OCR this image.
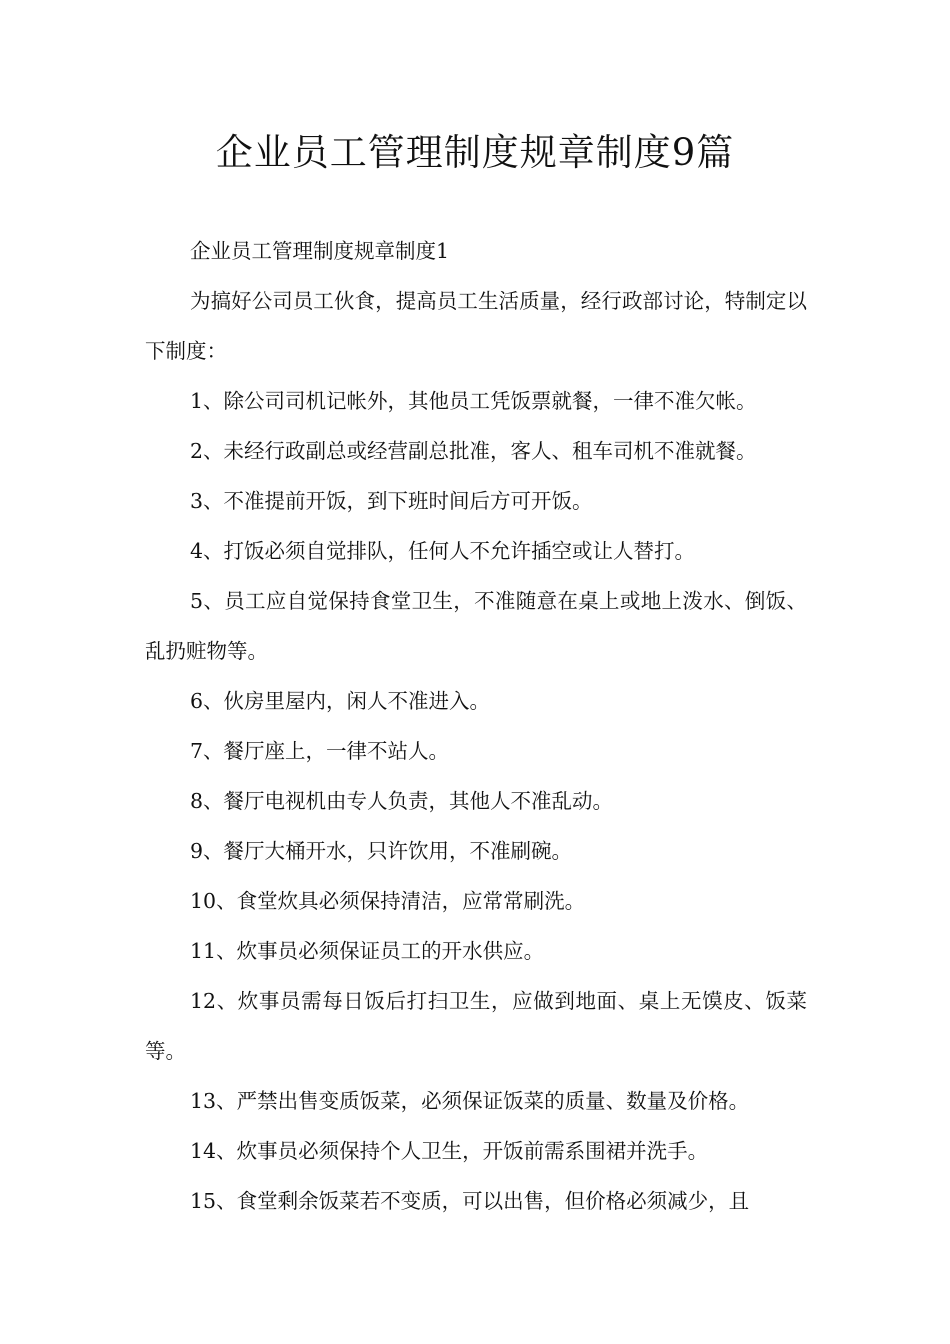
企业员工管理制度规章制度9篇

企业员工管理制度规章制度1

为搞好公司员工伙食，提高员工生活质量，经行政部讨论，特制定以下制度：

1、除公司司机记帐外，其他员工凭饭票就餐，一律不准欠帐。

2、未经行政副总或经营副总批准，客人、租车司机不准就餐。

3、不准提前开饭，到下班时间后方可开饭。

4、打饭必须自觉排队，任何人不允许插空或让人替打。

5、员工应自觉保持食堂卫生，不准随意在桌上或地上泼水、倒饭、乱扔赃物等。

6、伙房里屋内，闲人不准进入。

7、餐厅座上，一律不站人。

8、餐厅电视机由专人负责，其他人不准乱动。

9、餐厅大桶开水，只许饮用，不准刷碗。

10、食堂炊具必须保持清洁，应常常刷洗。

11、炊事员必须保证员工的开水供应。

12、炊事员需每日饭后打扫卫生，应做到地面、桌上无馍皮、饭菜等。

13、严禁出售变质饭菜，必须保证饭菜的质量、数量及价格。

14、炊事员必须保持个人卫生，开饭前需系围裙并洗手。

15、食堂剩余饭菜若不变质，可以出售，但价格必须减少，且
